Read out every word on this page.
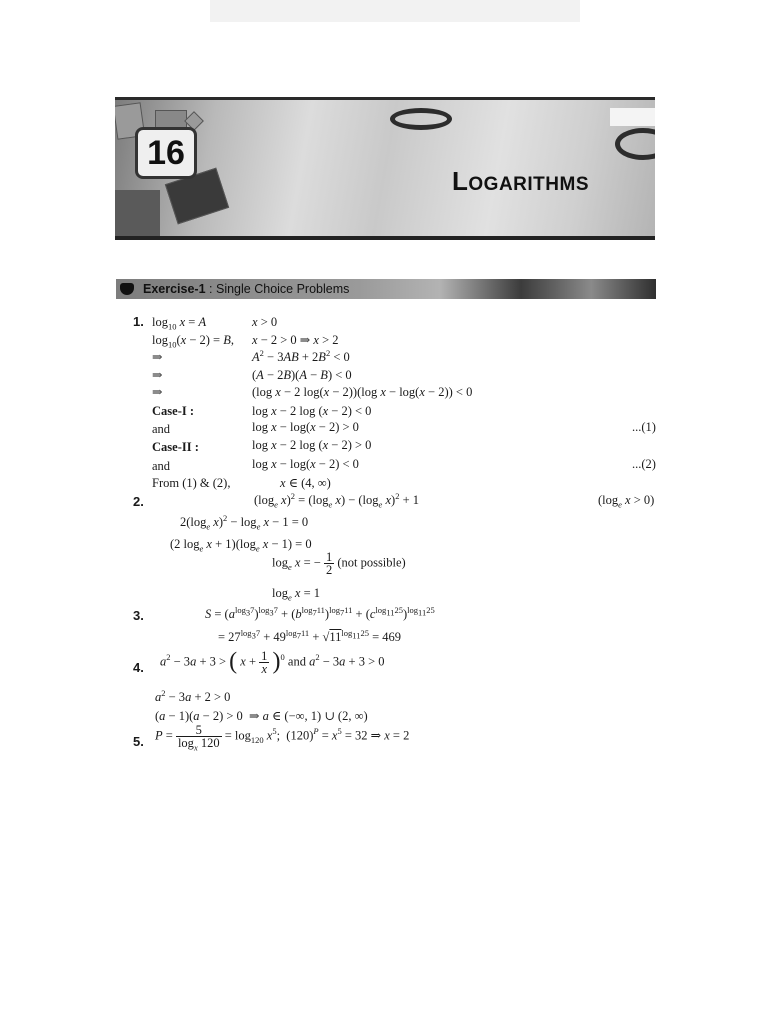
16
LOGARITHMS
Exercise-1 : Single Choice Problems
1. $\log_{10} x = A$	x > 0
$\log_{10}(x - 2) = B$, x − 2 > 0 ⇒ x > 2
⇒	$A^2 - 3AB + 2B^2 < 0$
⇒	(A − 2B)(A − B) < 0
⇒	(log x − 2 log(x − 2))(log x − log(x − 2)) < 0
Case-I :	log x − 2 log (x − 2) < 0
and	log x − log(x − 2) > 0	...(1)
Case-II :	log x − 2 log (x − 2) > 0
and	log x − log(x − 2) < 0	...(2)
From (1) & (2),	x ∈ (4, ∞)
2.	($\log_e$ $x)^2 = (\log_e$ $x) - (\log_e$ x)$^2$ + 1	($\log_e$ x > 0)
$2(\log_e$ $x)^2 - \log_e x - 1 = 0$
(2 $\log_e x + 1)(\log_e$ x − 1) = 0
$\log_e x$ = − $\frac{1}{2} (not$ possible)
$\log_e x = 1$
3.	$S = (a^{log_37})^{log_37} + (b^{log_711})^{log_711} + (c^{log_{11}25})^{log_{11}25}$
= $27^{log_37} + 49^{log_711} + √11^{log_{11}25} = 469$
4. $a^2 - 3a + 3$ > ( $x + \frac{1}{x} )^0$ and $a^2 - 3a + 3 > 0$
$a^2 - 3a + 2 > 0$
(a − 1)(a − 2) > 0  ⇒ a ∈ (−∞, 1) ∪ (2, ∞)
5. $P = \frac{5}{\log_x 120} = \log_{120} x^5$;  $(120)^P = x^5 = 32$ ⇒ x = 2
